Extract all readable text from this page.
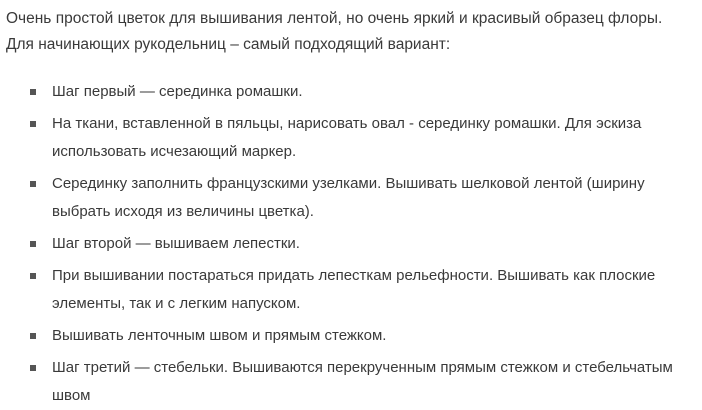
Очень простой цветок для вышивания лентой, но очень яркий и красивый образец флоры. Для начинающих рукодельниц – самый подходящий вариант:

Шаг первый — серединка ромашки.
На ткани, вставленной в пяльцы, нарисовать овал - серединку ромашки. Для эскиза использовать исчезающий маркер.
Серединку заполнить французскими узелками. Вышивать шелковой лентой (ширину выбрать исходя из величины цветка).
Шаг второй — вышиваем лепестки.
При вышивании постараться придать лепесткам рельефности. Вышивать как плоские элементы, так и с легким напуском.
Вышивать ленточным швом и прямым стежком.
Шаг третий — стебельки. Вышиваются перекрученным прямым стежком и стебельчатым швом
